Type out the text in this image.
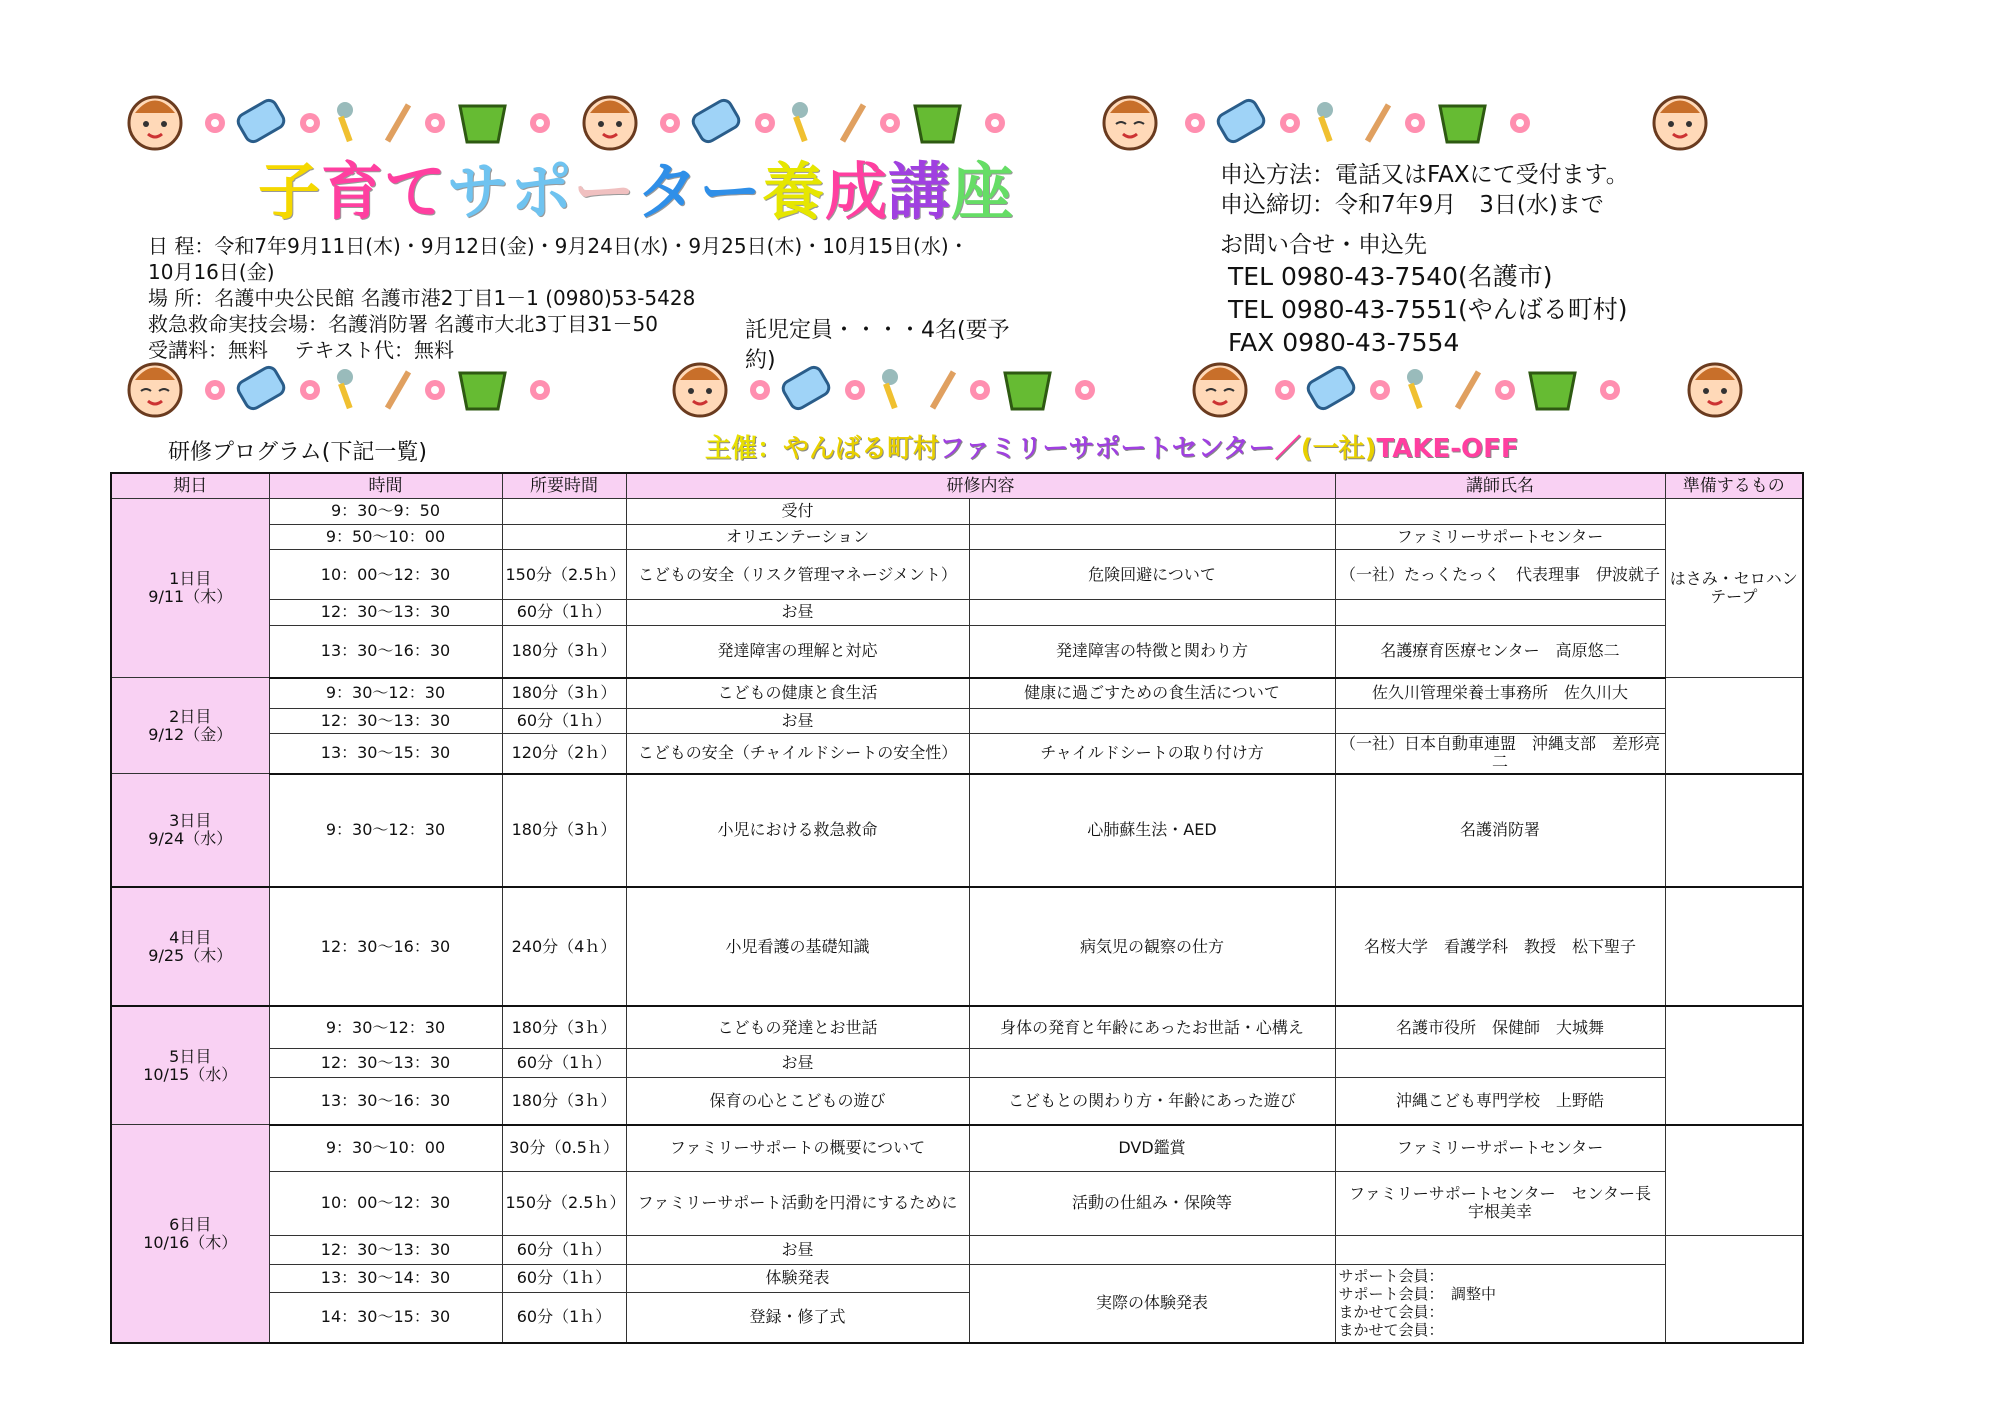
子育てサポーター養成講座
日 程：令和7年9月11日(木)・9月12日(金)・9月24日(水)・9月25日(木)・10月15日(水)・
10月16日(金)
場 所：名護中央公民館 名護市港2丁目1－1 (0980)53-5428
救急救命実技会場：名護消防署 名護市大北3丁目31－50
受講料：無料　 テキスト代：無料
託児定員・・・・4名(要予約)
申込方法：電話又はFAXにて受付ます。
申込締切：令和7年9月　3日(水)まで
お問い合せ・申込先
TEL 0980-43-7540(名護市)
TEL 0980-43-7551(やんばる町村)
FAX 0980-43-7554
研修プログラム(下記一覧)	主催：やんばる町村ファミリーサポートセンター／(一社)TAKE-OFF
期日	時間	所要時間	研修内容		講師氏名	準備するもの

1日目
9/11（木）	9：30～9：50		受付			はさみ・セロハンテープ
	9：50～10：00		オリエンテーション		ファミリーサポートセンター	
	10：00～12：30	150分（2.5ｈ）	こどもの安全（リスク管理マネージメント）	危険回避について	（一社）たっくたっく　代表理事　伊波就子	
	12：30～13：30	60分（1ｈ）	お昼			
	13：30～16：30	180分（3ｈ）	発達障害の理解と対応	発達障害の特徴と関わり方	名護療育医療センター　高原悠二	

2日目
9/12（金）	9：30～12：30	180分（3ｈ）	こどもの健康と食生活	健康に過ごすための食生活について	佐久川管理栄養士事務所　佐久川大	
	12：30～13：30	60分（1ｈ）	お昼			
	13：30～15：30	120分（2ｈ）	こどもの安全（チャイルドシートの安全性）	チャイルドシートの取り付け方	（一社）日本自動車連盟　沖縄支部　差形亮二	

3日目
9/24（水）	9：30～12：30	180分（3ｈ）	小児における救急救命	心肺蘇生法・AED	名護消防署	

4日目
9/25（木）	12：30～16：30	240分（4ｈ）	小児看護の基礎知識	病気児の観察の仕方	名桜大学　看護学科　教授　松下聖子	

5日目
10/15（水）	9：30～12：30	180分（3ｈ）	こどもの発達とお世話	身体の発育と年齢にあったお世話・心構え	名護市役所　保健師　大城舞	
	12：30～13：30	60分（1ｈ）	お昼			
	13：30～16：30	180分（3ｈ）	保育の心とこどもの遊び	こどもとの関わり方・年齢にあった遊び	沖縄こども専門学校　上野皓	

6日目
10/16（木）	9：30～10：00	30分（0.5ｈ）	ファミリーサポートの概要について	DVD鑑賞	ファミリーサポートセンター	
	10：00～12：30	150分（2.5ｈ）	ファミリーサポート活動を円滑にするために	活動の仕組み・保険等	ファミリーサポートセンター　センター長　宇根美幸	
	12：30～13：30	60分（1ｈ）	お昼			
	13：30～14：30	60分（1ｈ）	体験発表	実際の体験発表	サポート会員：
サポート会員：　調整中
まかせて会員：
まかせて会員：	

	14：30～15：30	60分（1ｈ）	登録・修了式			
